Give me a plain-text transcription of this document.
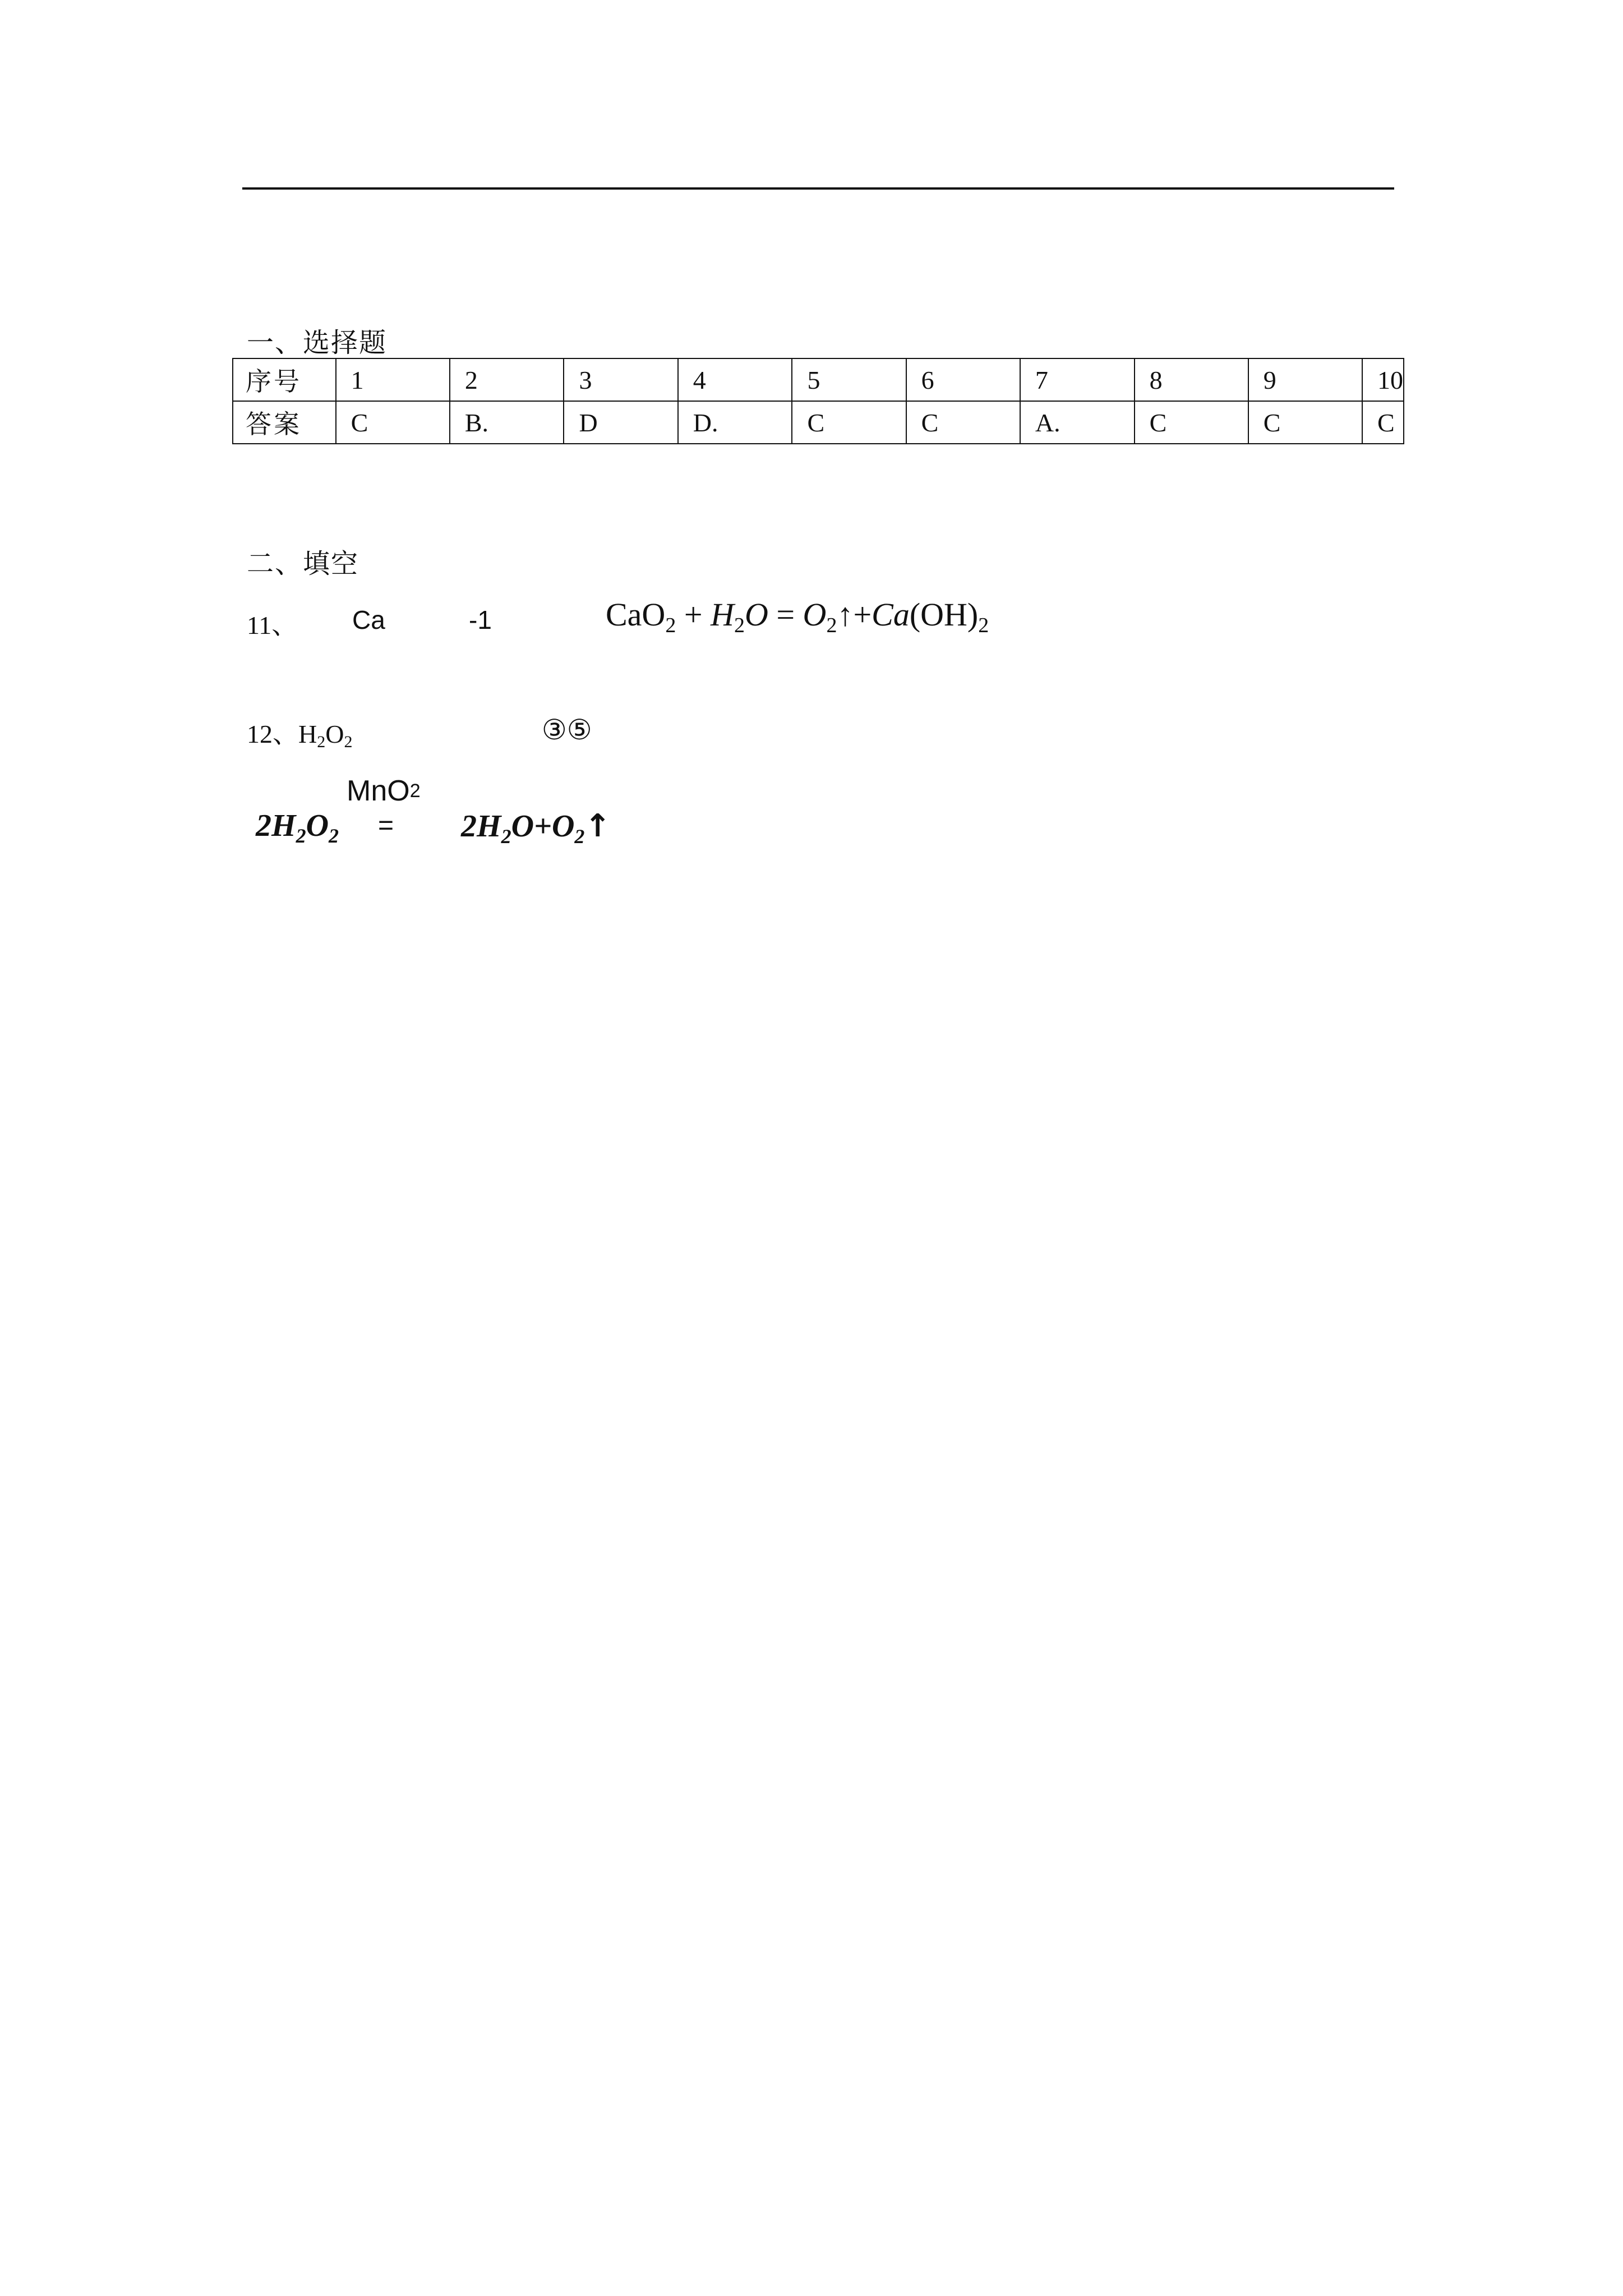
一、选择题
序号	1	2	3	4	5	6	7	8	9	10
答案	C	B.	D	D.	C	C	A.	C	C	C
二、填空
11、 Ca	-1	$CaO_2 + H_2O$ = $O_2↑+Ca(OH)_2$
12、$H_2O_2$	③⑤
$2H_2O_2$
MnO$_2$
= $2H_2O+O_2↑$
